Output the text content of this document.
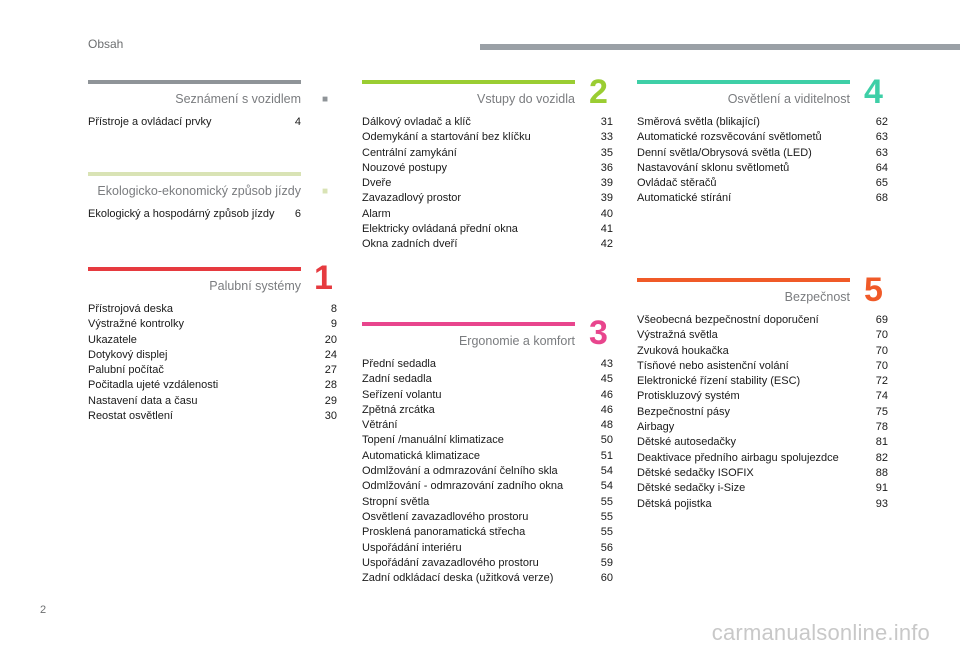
Obsah
Seznámení s vozidlem
Přístroje a ovládací prvky	4
■
Ekologicko-ekonomický způsob jízdy
Ekologický a hospodárný způsob jízdy	6
■
Palubní systémy
Přístrojová deska	8
Výstražné kontrolky	9
Ukazatele	20
Dotykový displej	24
Palubní počítač	27
Počitadla ujeté vzdálenosti	28
Nastavení data a času	29
Reostat osvětlení	30
1
Vstupy do vozidla
Dálkový ovladač a klíč	31
Odemykání a startování bez klíčku	33
Centrální zamykání	35
Nouzové postupy	36
Dveře	39
Zavazadlový prostor	39
Alarm	40
Elektricky ovládaná přední okna	41
Okna zadních dveří	42
2
Ergonomie a komfort
Přední sedadla	43
Zadní sedadla	45
Seřízení volantu	46
Zpětná zrcátka	46
Větrání	48
Topení /manuální klimatizace	50
Automatická klimatizace	51
Odmlžování a odmrazování čelního skla	54
Odmlžování - odmrazování zadního okna	54
Stropní světla	55
Osvětlení zavazadlového prostoru	55
Prosklená panoramatická střecha	55
Uspořádání interiéru	56
Uspořádání zavazadlového prostoru	59
Zadní odkládací deska (užitková verze)	60
3
Osvětlení a viditelnost
Směrová světla (blikající)	62
Automatické rozsvěcování světlometů	63
Denní světla/Obrysová světla (LED)	63
Nastavování sklonu světlometů	64
Ovládač stěračů	65
Automatické stírání	68
4
Bezpečnost
Všeobecná bezpečnostní doporučení	69
Výstražná světla	70
Zvuková houkačka	70
Tísňové nebo asistenční volání	70
Elektronické řízení stability (ESC)	72
Protiskluzový systém	74
Bezpečnostní pásy	75
Airbagy	78
Dětské autosedačky	81
Deaktivace předního airbagu spolujezdce	82
Dětské sedačky ISOFIX	88
Dětské sedačky i-Size	91
Dětská pojistka	93
5
2
carmanualsonline.info
